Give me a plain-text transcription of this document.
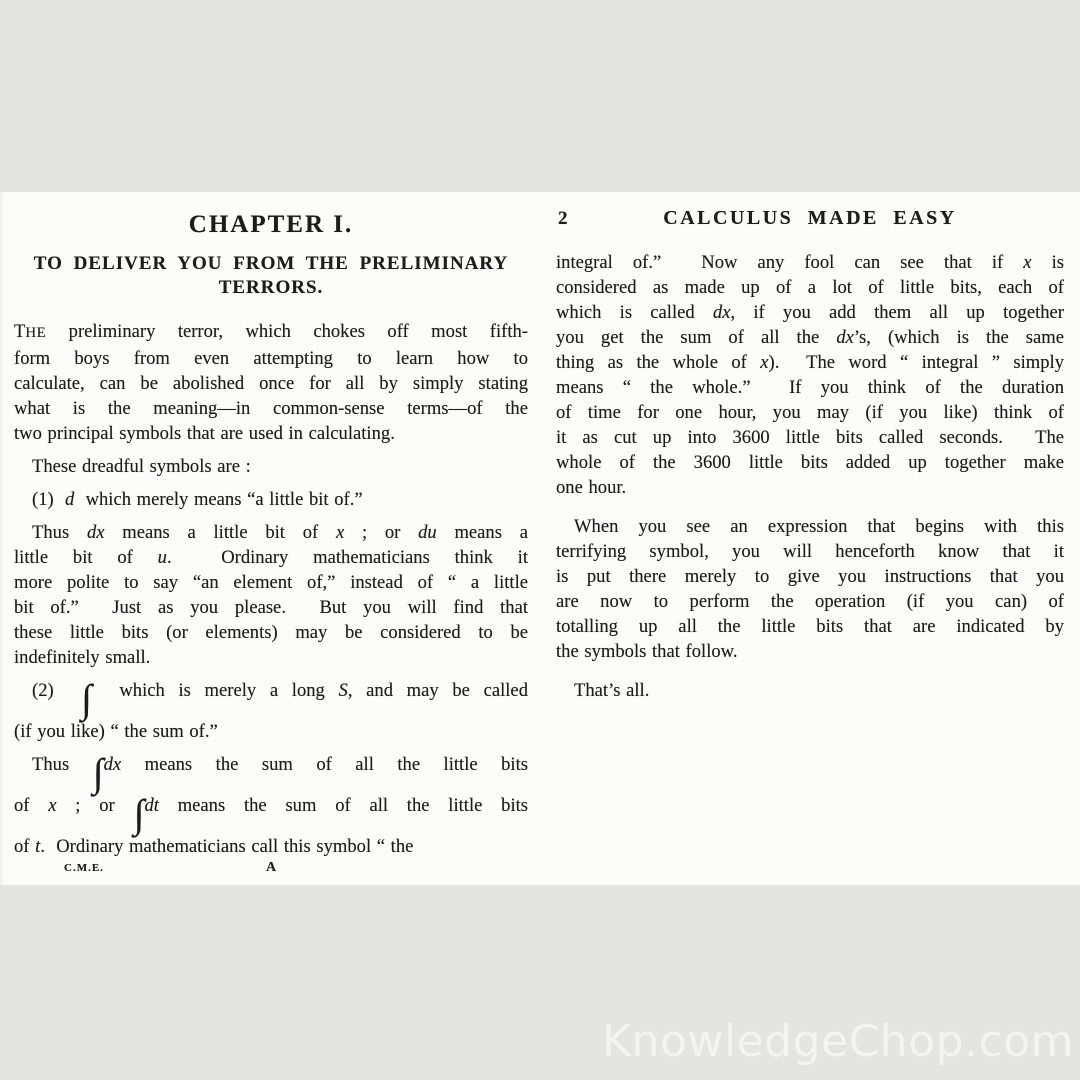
CHAPTER I.
TO DELIVER YOU FROM THE PRELIMINARY
TERRORS.
THE preliminary terror, which chokes off most fifth-
form boys from even attempting to learn how to
calculate, can be abolished once for all by simply stating
what is the meaning—in common-sense terms—of the
two principal symbols that are used in calculating.
These dreadful symbols are :
(1)  d  which merely means “a little bit of.”
Thus dx means a little bit of x ; or du means a
little bit of u.  Ordinary mathematicians think it
more polite to say “an element of,” instead of “ a little
bit of.”  Just as you please.  But you will find that
these little bits (or elements) may be considered to be
indefinitely small.
(2)  ∫  which is merely a long S, and may be called
(if you like) “ the sum of.”
Thus ∫dx means the sum of all the little bits
of x ; or ∫dt means the sum of all the little bits
of t.  Ordinary mathematicians call this symbol “ the
C.M.E.	A
2	CALCULUS MADE EASY
integral of.”  Now any fool can see that if x is
considered as made up of a lot of little bits, each of
which is called dx, if you add them all up together
you get the sum of all the dx’s, (which is the same
thing as the whole of x).  The word “ integral ” simply
means “ the whole.”  If you think of the duration
of time for one hour, you may (if you like) think of
it as cut up into 3600 little bits called seconds.  The
whole of the 3600 little bits added up together make
one hour.
When you see an expression that begins with this
terrifying symbol, you will henceforth know that it
is put there merely to give you instructions that you
are now to perform the operation (if you can) of
totalling up all the little bits that are indicated by
the symbols that follow.
That’s all.
KnowledgeChop.com
